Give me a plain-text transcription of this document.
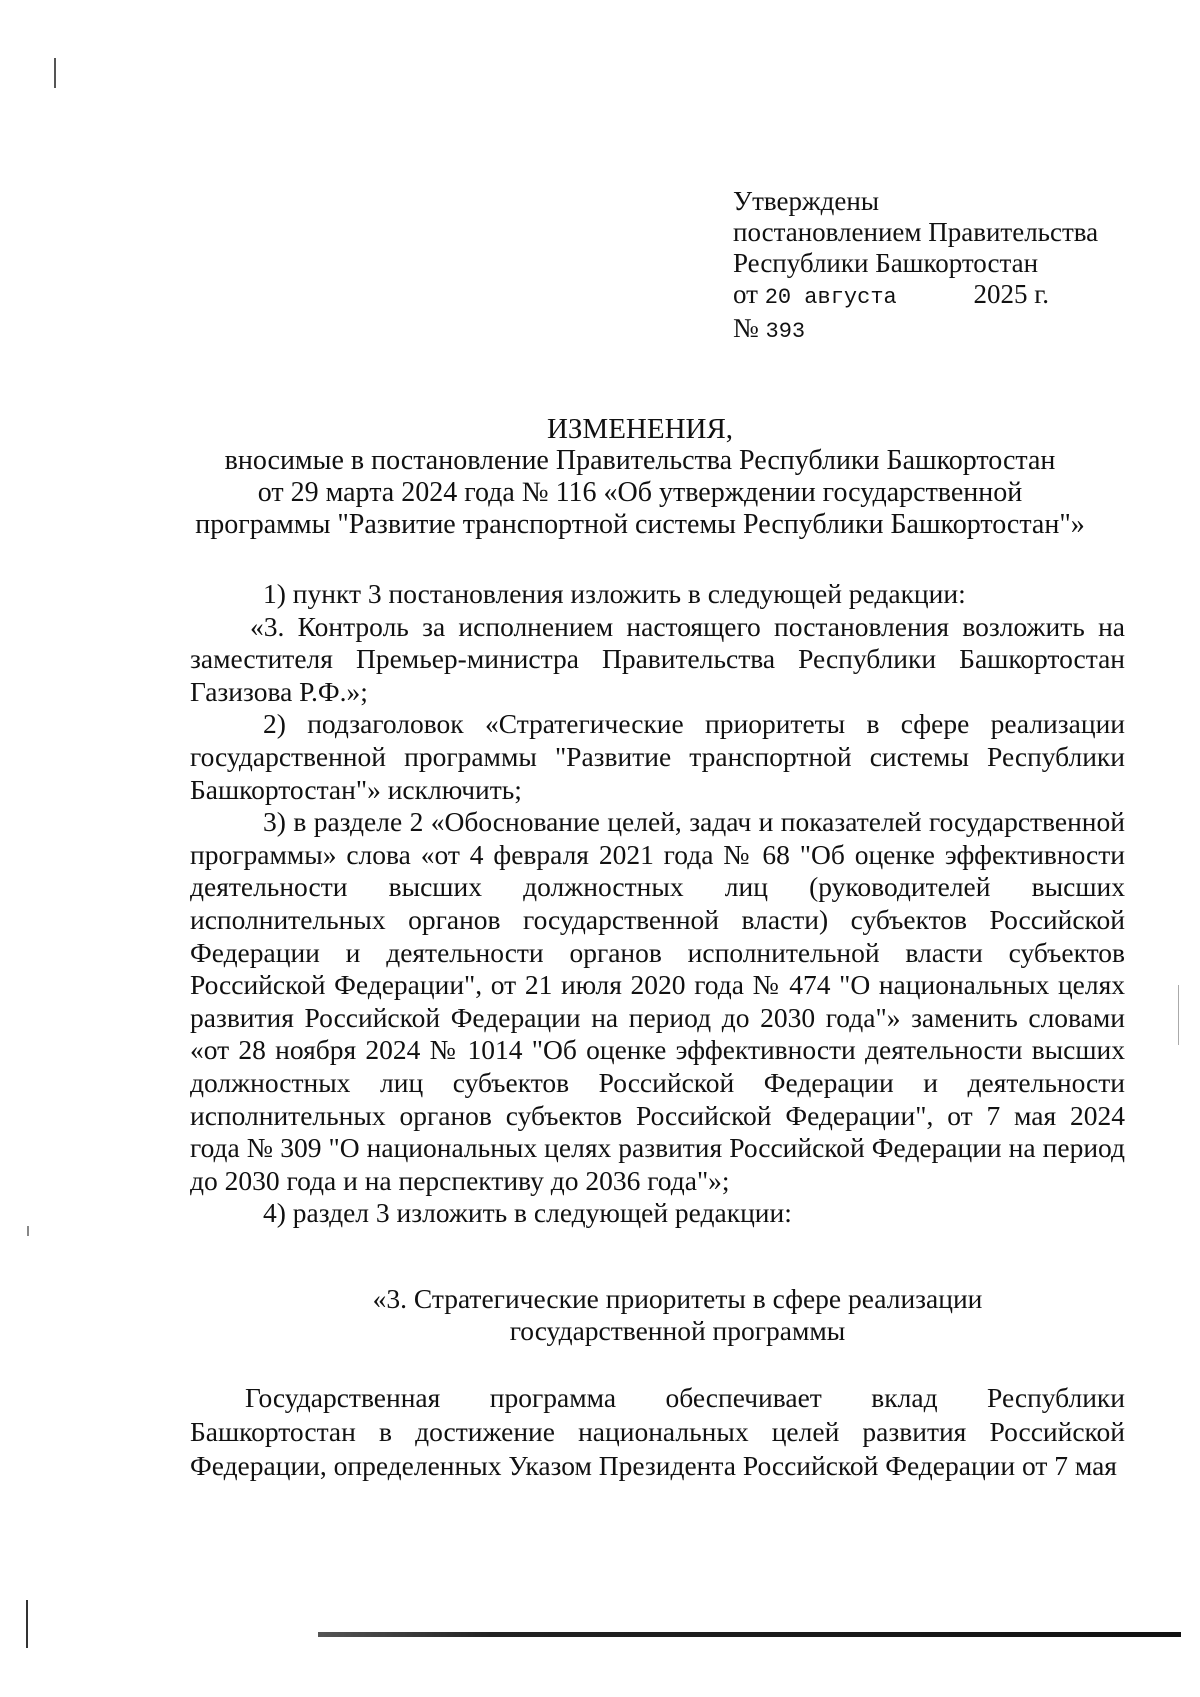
Утверждены
постановлением Правительства
Республики Башкортостан
от 20 августа	2025 г.
№ 393
ИЗМЕНЕНИЯ,
вносимые в постановление Правительства Республики Башкортостан
от 29 марта 2024 года № 116 «Об утверждении государственной
программы "Развитие транспортной системы Республики Башкортостан"»

1) пункт 3 постановления изложить в следующей редакции:

«3. Контроль за исполнением настоящего постановления возложить на заместителя Премьер-министра Правительства Республики Башкортостан Газизова Р.Ф.»;

2) подзаголовок «Стратегические приоритеты в сфере реализации государственной программы "Развитие транспортной системы Республики Башкортостан"» исключить;

3) в разделе 2 «Обоснование целей, задач и показателей государственной программы» слова «от 4 февраля 2021 года № 68 "Об оценке эффективности деятельности высших должностных лиц (руководителей высших исполнительных органов государственной власти) субъектов Российской Федерации и деятельности органов исполнительной власти субъектов Российской Федерации", от 21 июля 2020 года № 474 "О национальных целях развития Российской Федерации на период до 2030 года"» заменить словами «от 28 ноября 2024 № 1014 "Об оценке эффективности деятельности высших должностных лиц субъектов Российской Федерации и деятельности исполнительных органов субъектов Российской Федерации", от 7 мая 2024 года № 309 "О национальных целях развития Российской Федерации на период до 2030 года и на перспективу до 2036 года"»;

4) раздел 3 изложить в следующей редакции:

«3. Стратегические приоритеты в сфере реализации
государственной программы

Государственная программа обеспечивает вклад Республики Башкортостан в достижение национальных целей развития Российской Федерации, определенных Указом Президента Российской Федерации от 7 мая
